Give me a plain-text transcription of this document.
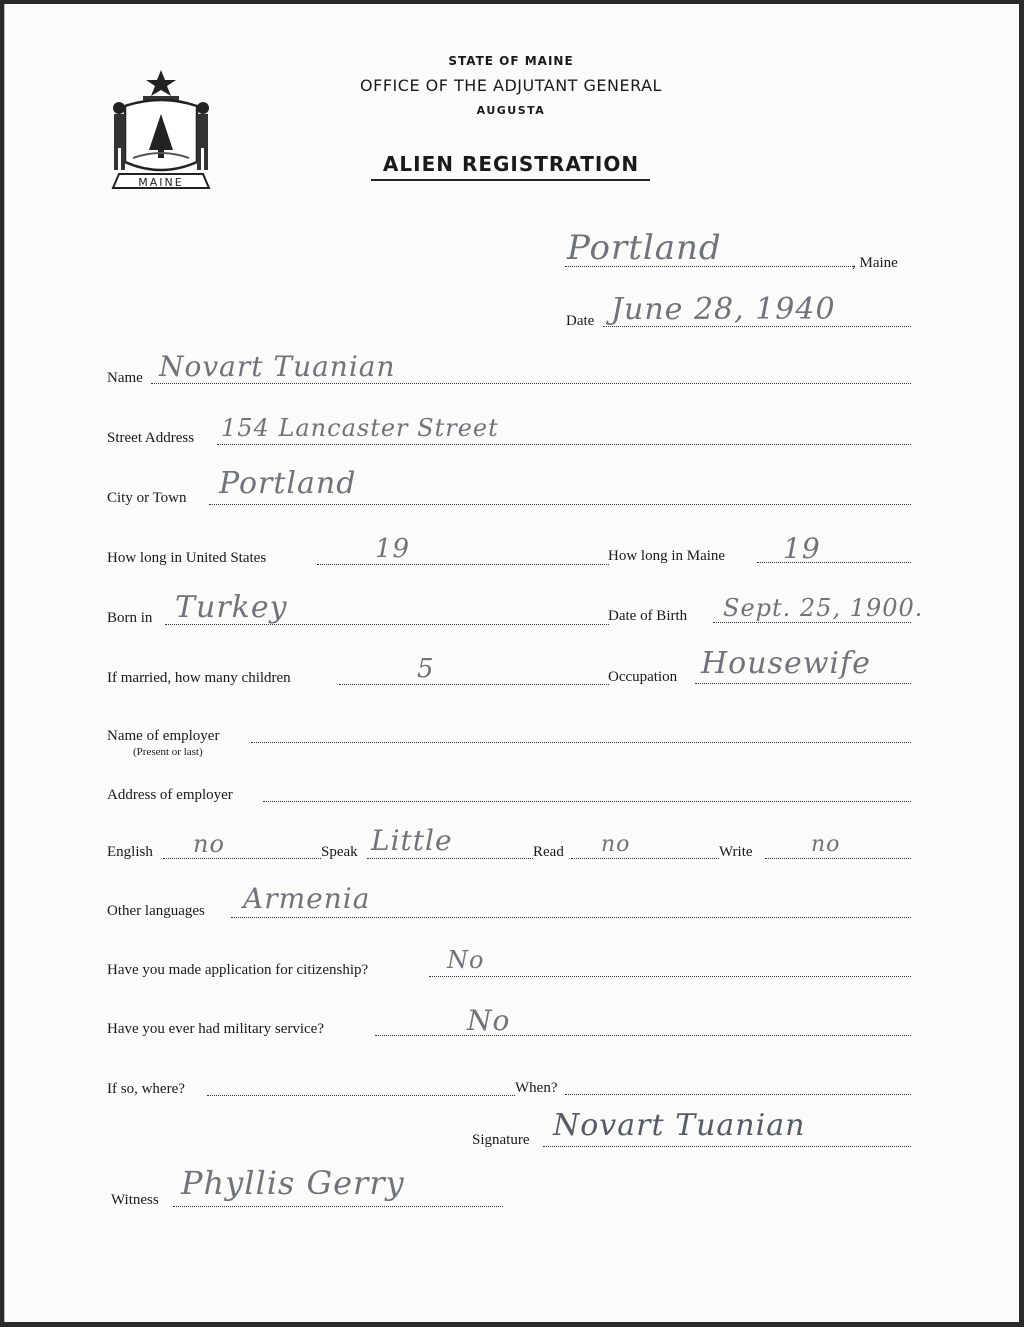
MAINE
STATE OF MAINE
OFFICE OF THE ADJUTANT GENERAL
AUGUSTA
ALIEN REGISTRATION
Portland	, Maine
Date June 28, 1940
Name Novart Tuanian
Street Address 154 Lancaster Street
City or Town Portland
How long in United States	19	How long in Maine 19
Born in Turkey	Date of Birth Sept. 25, 1900.
If married, how many children	5	Occupation Housewife
Name of employer
(Present or last)
Address of employer
English no	Speak Little	Read no	Write	no
Other languages Armenia
Have you made application for citizenship?	No
Have you ever had military service?	No
If so, where?	When?
Signature Novart Tuanian
Witness Phyllis Gerry
